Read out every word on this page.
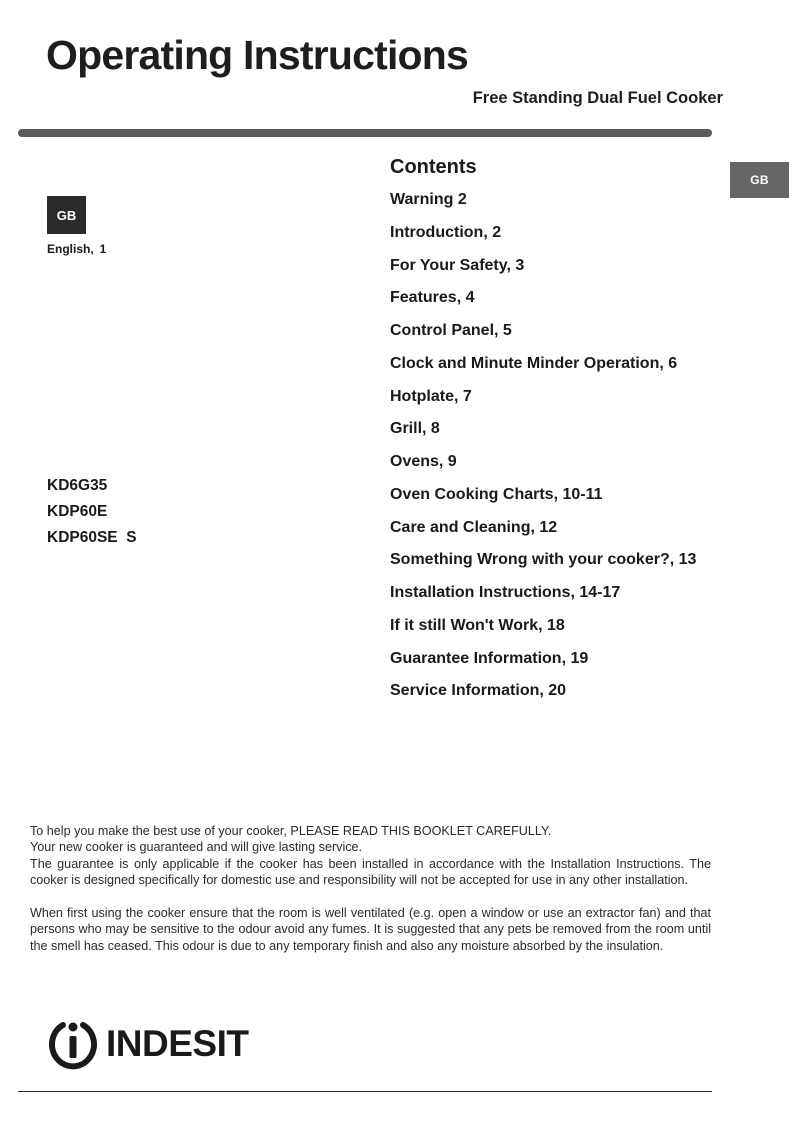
Operating Instructions
Free Standing Dual Fuel Cooker
GB
GB
English, 1
KD6G35
KDP60E
KDP60SE  S
Contents
Warning 2
Introduction, 2
For Your Safety, 3
Features, 4
Control Panel, 5
Clock and Minute Minder Operation, 6
Hotplate, 7
Grill, 8
Ovens, 9
Oven Cooking Charts, 10-11
Care and Cleaning, 12
Something Wrong with your cooker?, 13
Installation Instructions, 14-17
If it still Won't Work, 18
Guarantee Information, 19
Service Information, 20

To help you make the best use of your cooker, PLEASE READ THIS BOOKLET CAREFULLY.

Your new cooker is guaranteed and will give lasting service.

The guarantee is only applicable if the cooker has been installed in accordance with the Installation Instructions. The cooker is designed specifically for domestic use and responsibility will not be accepted for use in any other installation.

When first using the cooker ensure that the room is well ventilated (e.g. open a window or use an extractor fan) and that persons who may be sensitive to the odour avoid any fumes. It is suggested that any pets be removed from the room until the smell has ceased. This odour is due to any temporary finish and also any moisture absorbed by the insulation.

INDESIT
